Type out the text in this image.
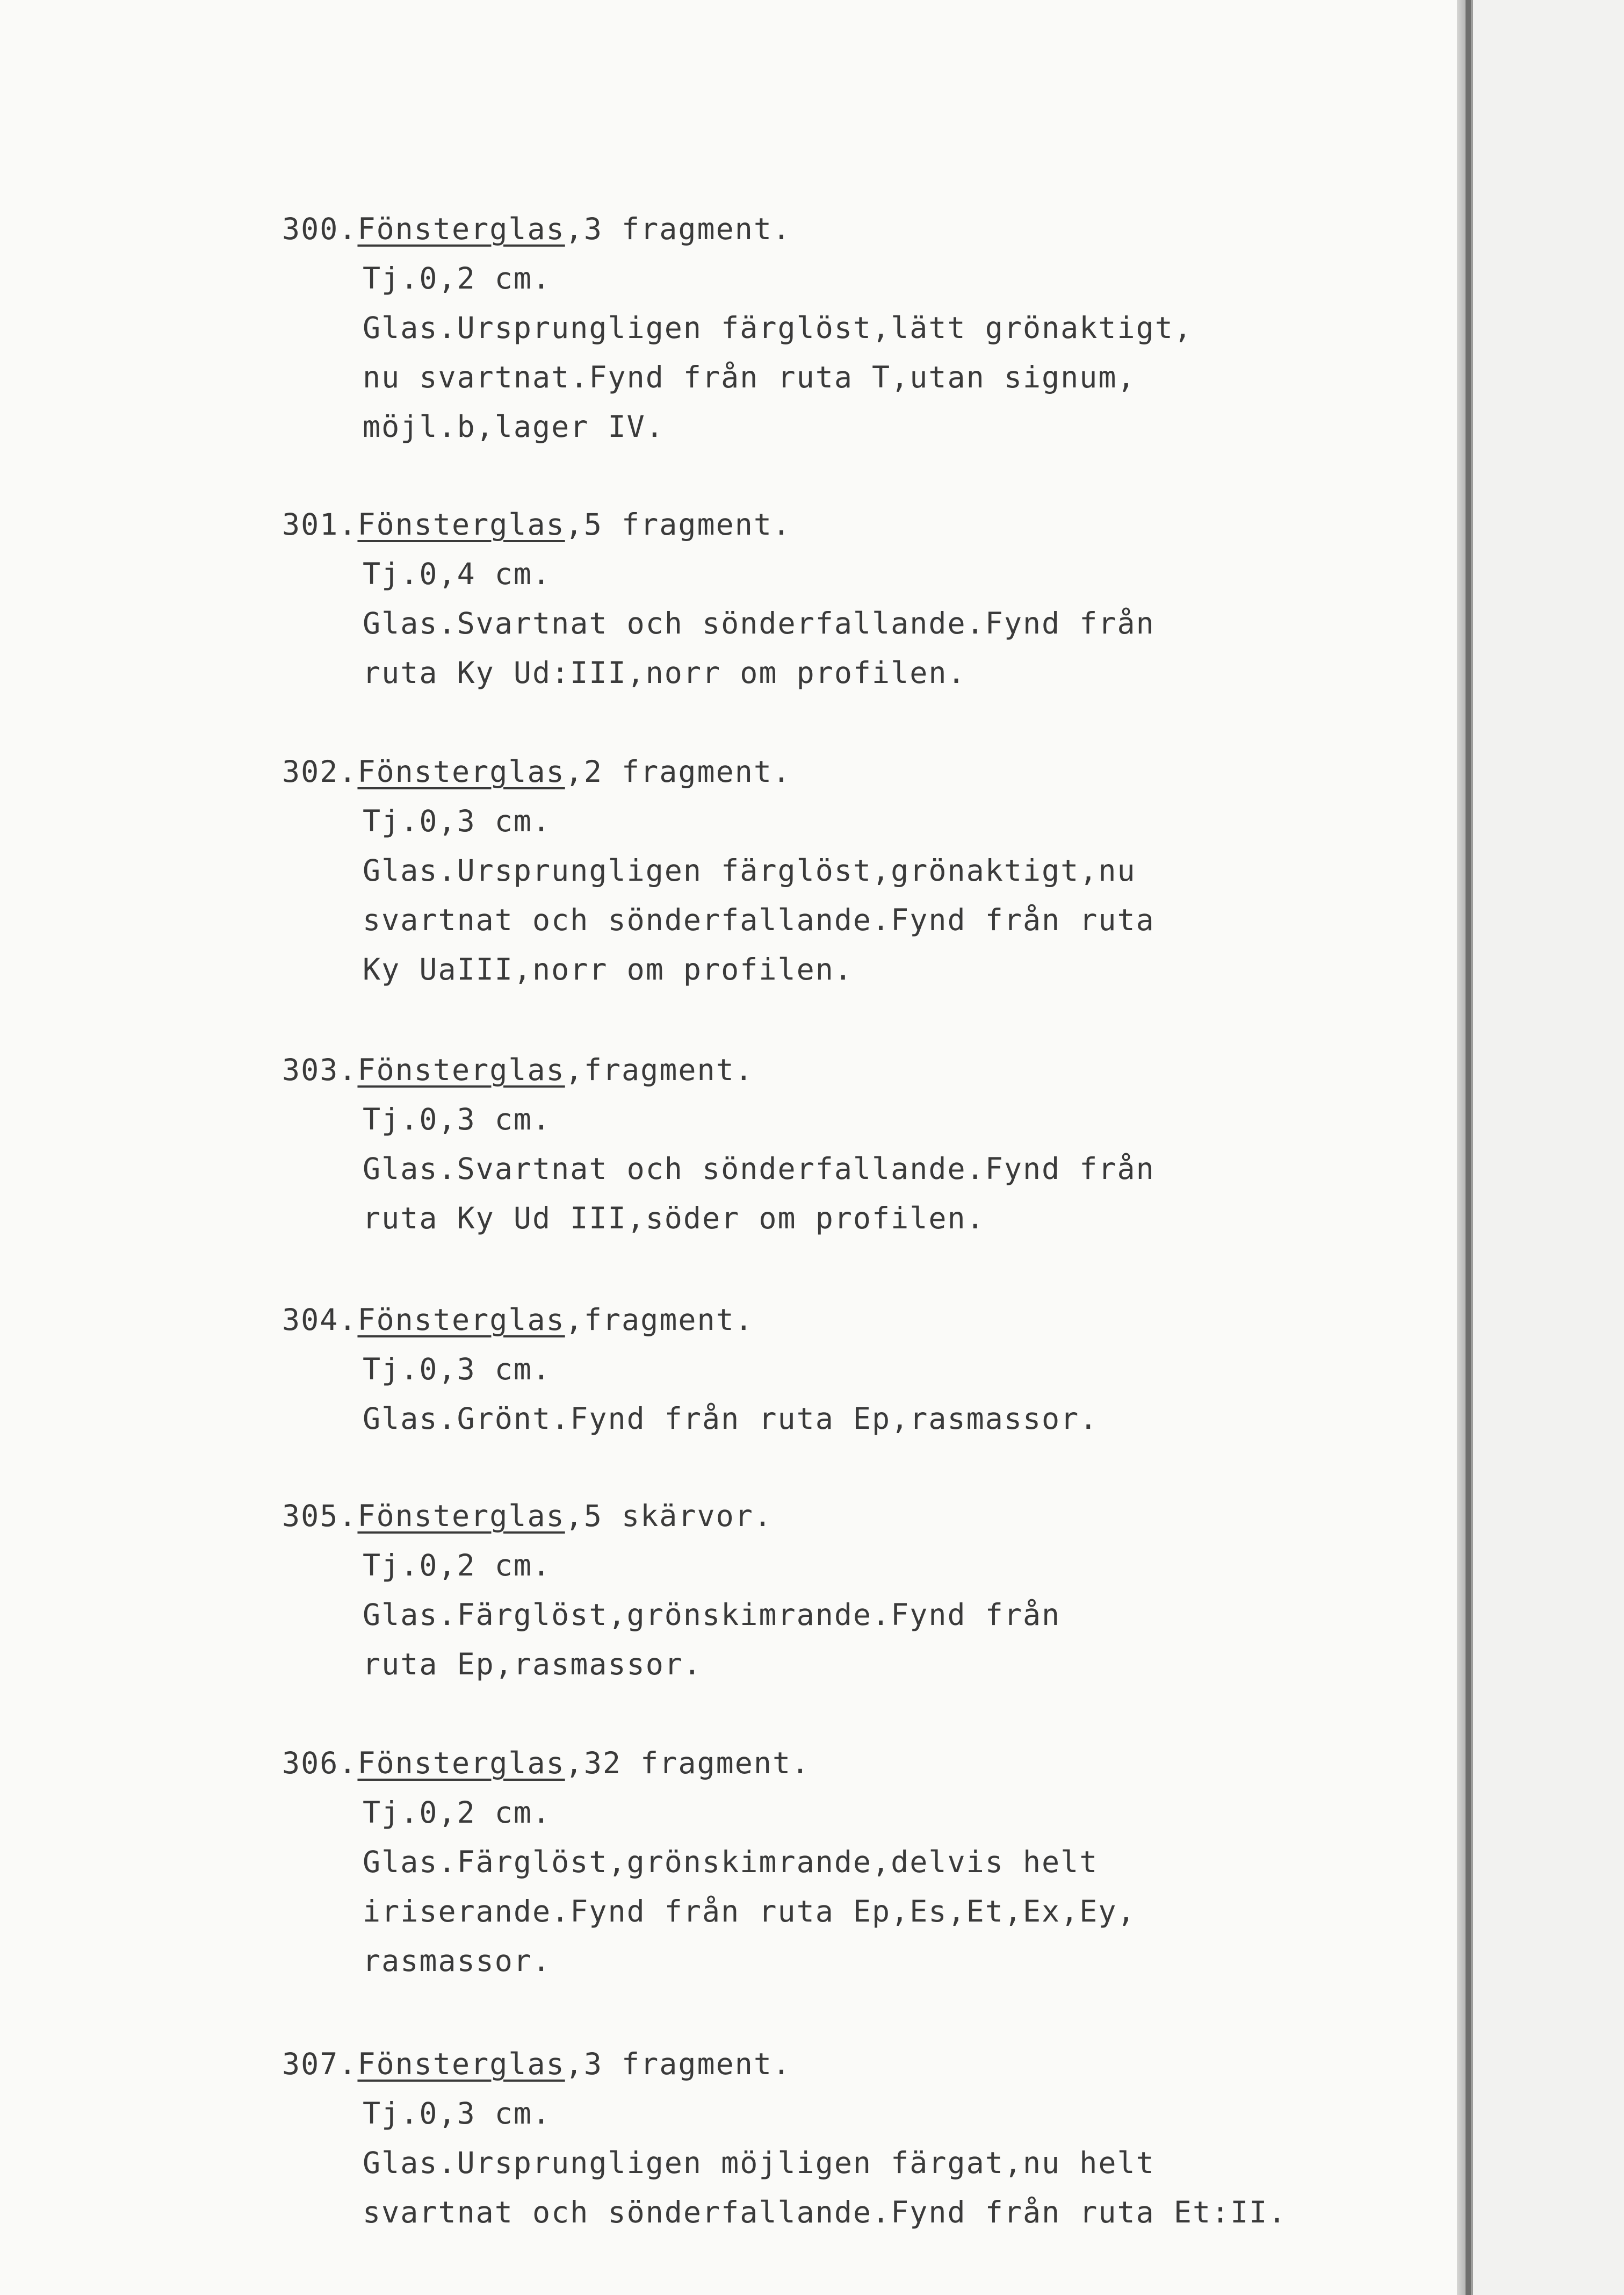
300.Fönsterglas,3 fragment.
Tj.0,2 cm.
Glas.Ursprungligen färglöst,lätt grönaktigt,
nu svartnat.Fynd från ruta T,utan signum,
möjl.b,lager IV.
301.Fönsterglas,5 fragment.
Tj.0,4 cm.
Glas.Svartnat och sönderfallande.Fynd från
ruta Ky Ud:III,norr om profilen.
302.Fönsterglas,2 fragment.
Tj.0,3 cm.
Glas.Ursprungligen färglöst,grönaktigt,nu
svartnat och sönderfallande.Fynd från ruta
Ky UaIII,norr om profilen.
303.Fönsterglas,fragment.
Tj.0,3 cm.
Glas.Svartnat och sönderfallande.Fynd från
ruta Ky Ud III,söder om profilen.
304.Fönsterglas,fragment.
Tj.0,3 cm.
Glas.Grönt.Fynd från ruta Ep,rasmassor.
305.Fönsterglas,5 skärvor.
Tj.0,2 cm.
Glas.Färglöst,grönskimrande.Fynd från
ruta Ep,rasmassor.
306.Fönsterglas,32 fragment.
Tj.0,2 cm.
Glas.Färglöst,grönskimrande,delvis helt
iriserande.Fynd från ruta Ep,Es,Et,Ex,Ey,
rasmassor.
307.Fönsterglas,3 fragment.
Tj.0,3 cm.
Glas.Ursprungligen möjligen färgat,nu helt
svartnat och sönderfallande.Fynd från ruta Et:II.
